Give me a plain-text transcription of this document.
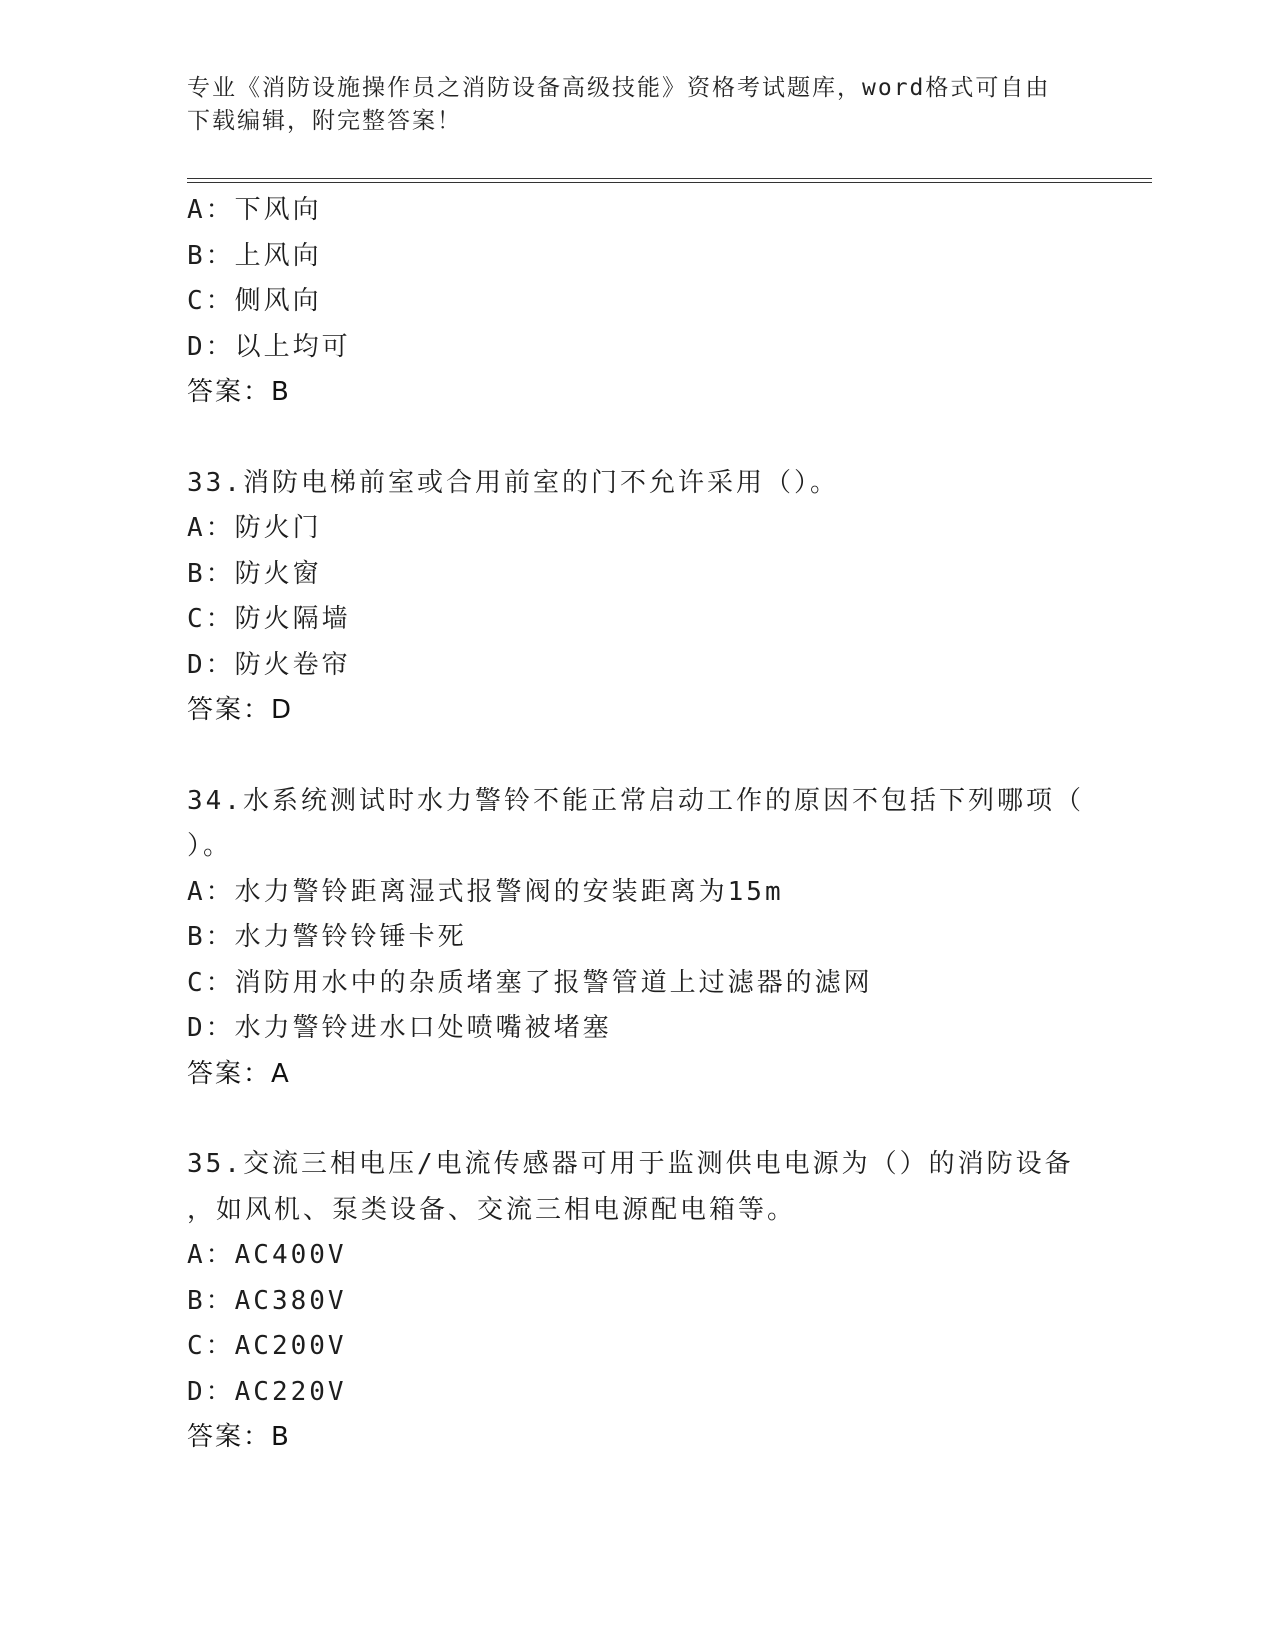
专业《消防设施操作员之消防设备高级技能》资格考试题库，word格式可自由下载编辑，附完整答案！
A：下风向
B：上风向
C：侧风向
D：以上均可
答案：B
33.消防电梯前室或合用前室的门不允许采用（）。
A：防火门
B：防火窗
C：防火隔墙
D：防火卷帘
答案：D
34.水系统测试时水力警铃不能正常启动工作的原因不包括下列哪项（
）。
A：水力警铃距离湿式报警阀的安装距离为15m
B：水力警铃铃锤卡死
C：消防用水中的杂质堵塞了报警管道上过滤器的滤网
D：水力警铃进水口处喷嘴被堵塞
答案：A
35.交流三相电压/电流传感器可用于监测供电电源为（）的消防设备
，如风机、泵类设备、交流三相电源配电箱等。
A：AC400V
B：AC380V
C：AC200V
D：AC220V
答案：B
